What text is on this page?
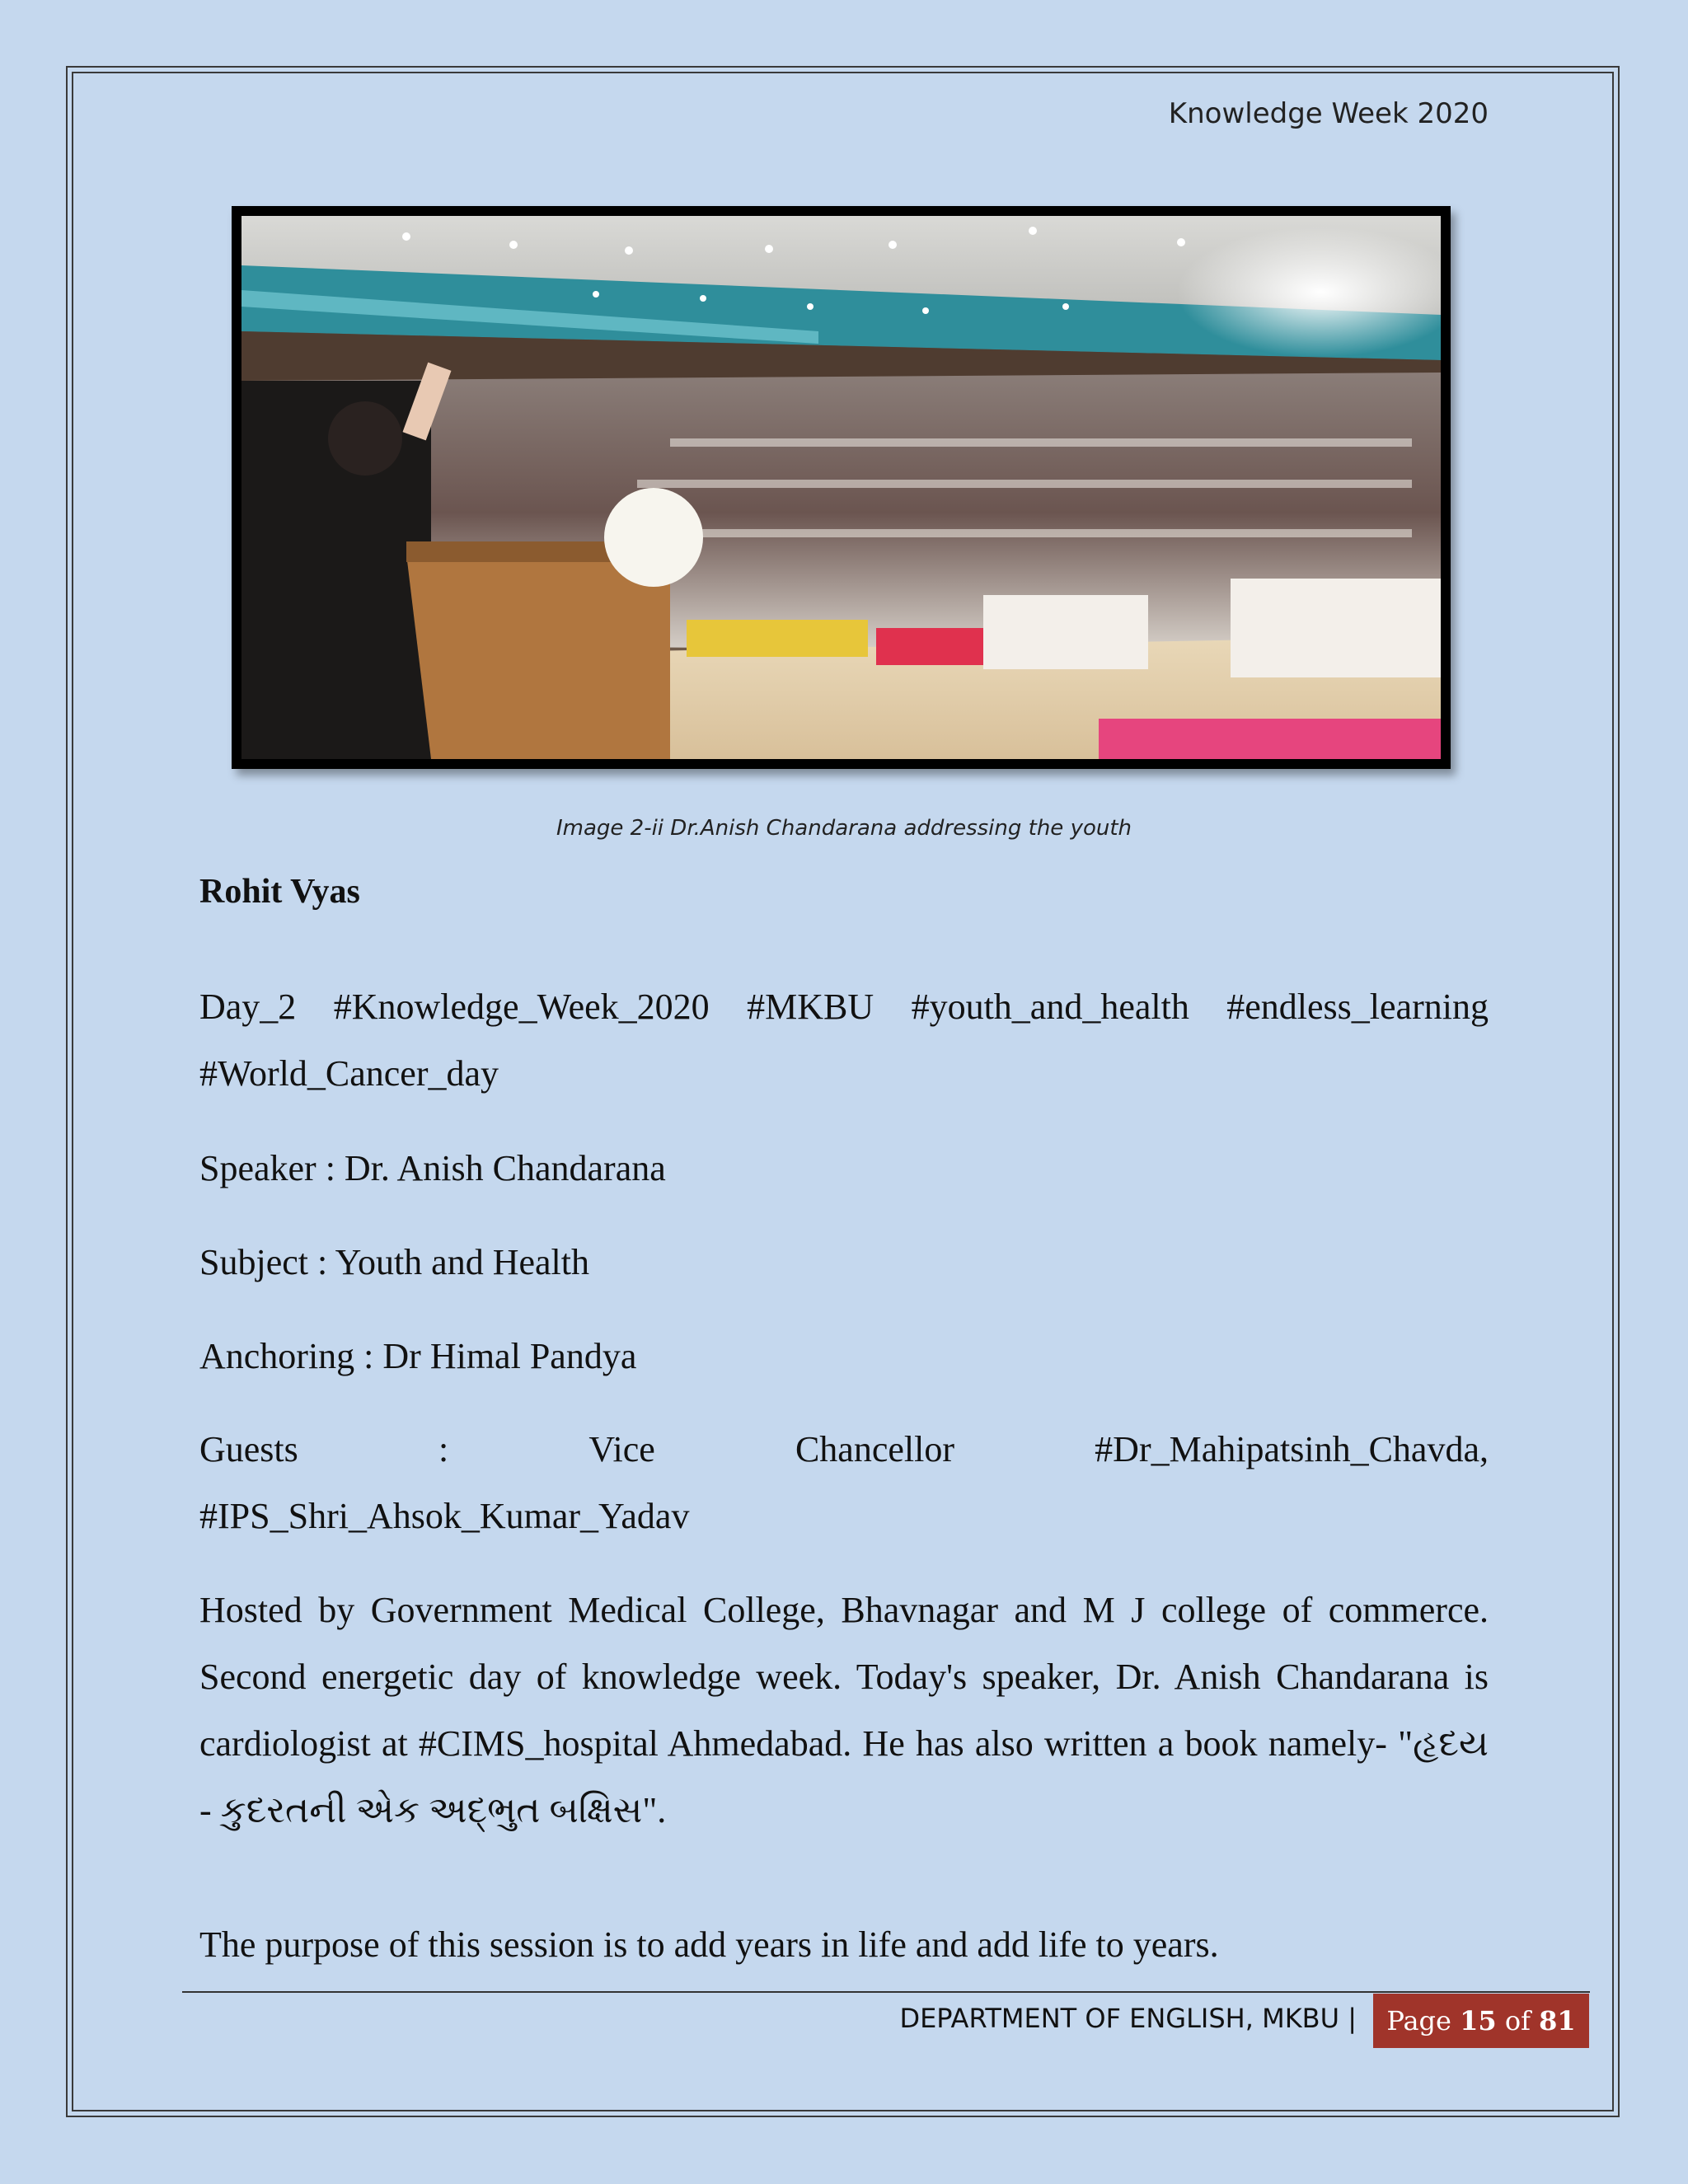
Knowledge Week 2020
Image 2-ii Dr.Anish Chandarana addressing the youth
Rohit Vyas
Day_2 #Knowledge_Week_2020 #MKBU #youth_and_health #endless_learning
#World_Cancer_day
Speaker : Dr. Anish Chandarana
Subject : Youth and Health
Anchoring : Dr Himal Pandya
Guests	:	Vice	Chancellor	#Dr_Mahipatsinh_Chavda,
#IPS_Shri_Ahsok_Kumar_Yadav
Hosted by Government Medical College, Bhavnagar and M J college of commerce. Second energetic day of knowledge week. Today's speaker, Dr. Anish Chandarana is cardiologist at #CIMS_hospital Ahmedabad. He has also written a book namely- "હૃદય - કુદરતની એક અદ્ભુત બક્ષિસ".
The purpose of this session is to add years in life and add life to years.
DEPARTMENT OF ENGLISH, MKBU | Page
15
of
81
